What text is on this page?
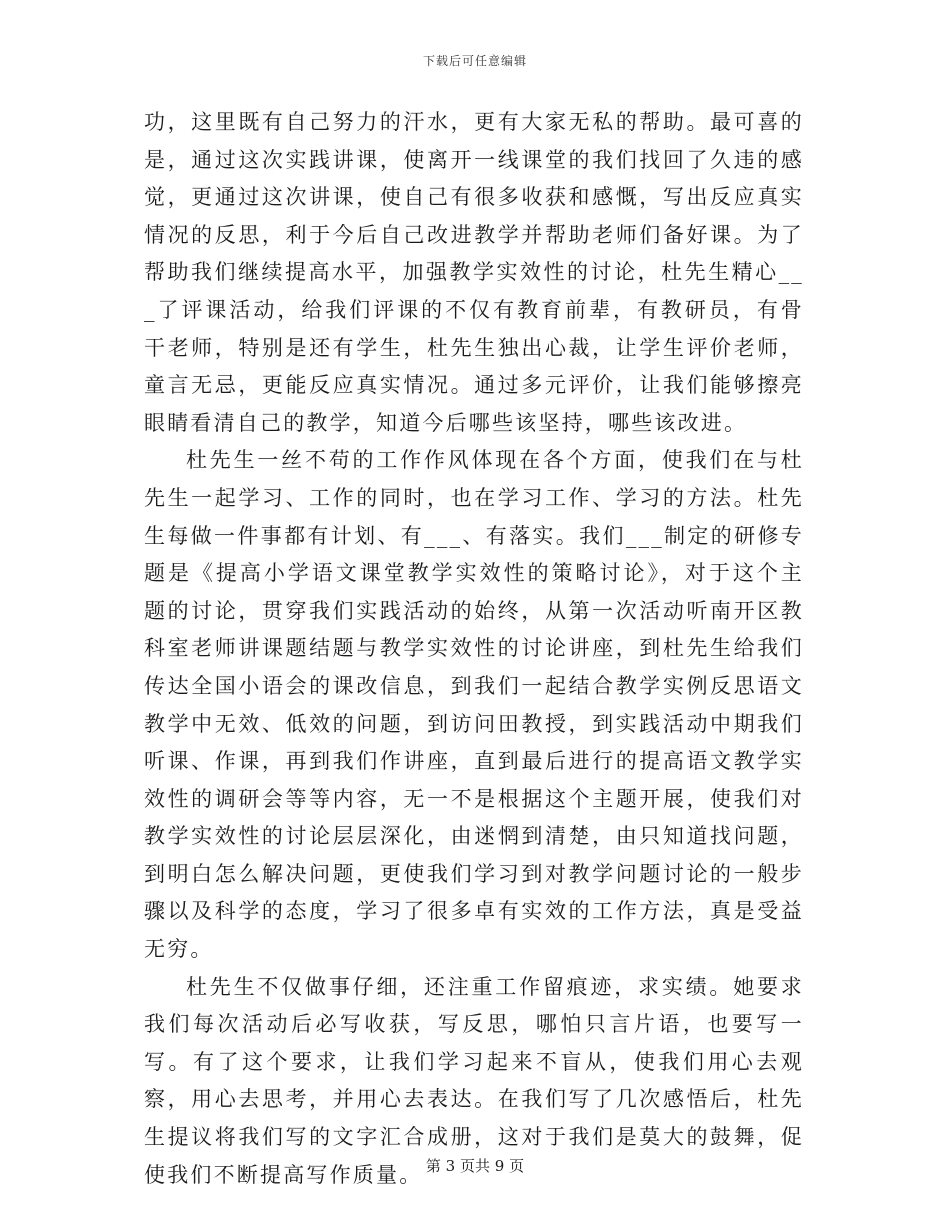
下载后可任意编辑

功，这里既有自己努力的汗水，更有大家无私的帮助。最可喜的是，通过这次实践讲课，使离开一线课堂的我们找回了久违的感觉，更通过这次讲课，使自己有很多收获和感慨，写出反应真实情况的反思，利于今后自己改进教学并帮助老师们备好课。为了帮助我们继续提高水平，加强教学实效性的讨论，杜先生精心___了评课活动，给我们评课的不仅有教育前辈，有教研员，有骨干老师，特别是还有学生，杜先生独出心裁，让学生评价老师，童言无忌，更能反应真实情况。通过多元评价，让我们能够擦亮眼睛看清自己的教学，知道今后哪些该坚持，哪些该改进。

杜先生一丝不苟的工作作风体现在各个方面，使我们在与杜先生一起学习、工作的同时，也在学习工作、学习的方法。杜先生每做一件事都有计划、有___、有落实。我们___制定的研修专题是《提高小学语文课堂教学实效性的策略讨论》，对于这个主题的讨论，贯穿我们实践活动的始终，从第一次活动听南开区教科室老师讲课题结题与教学实效性的讨论讲座，到杜先生给我们传达全国小语会的课改信息，到我们一起结合教学实例反思语文教学中无效、低效的问题，到访问田教授，到实践活动中期我们听课、作课，再到我们作讲座，直到最后进行的提高语文教学实效性的调研会等等内容，无一不是根据这个主题开展，使我们对教学实效性的讨论层层深化，由迷惘到清楚，由只知道找问题，到明白怎么解决问题，更使我们学习到对教学问题讨论的一般步骤以及科学的态度，学习了很多卓有实效的工作方法，真是受益无穷。

杜先生不仅做事仔细，还注重工作留痕迹，求实绩。她要求我们每次活动后必写收获，写反思，哪怕只言片语，也要写一写。有了这个要求，让我们学习起来不盲从，使我们用心去观察，用心去思考，并用心去表达。在我们写了几次感悟后，杜先生提议将我们写的文字汇合成册，这对于我们是莫大的鼓舞，促使我们不断提高写作质量。 第 3 页共 9 页
